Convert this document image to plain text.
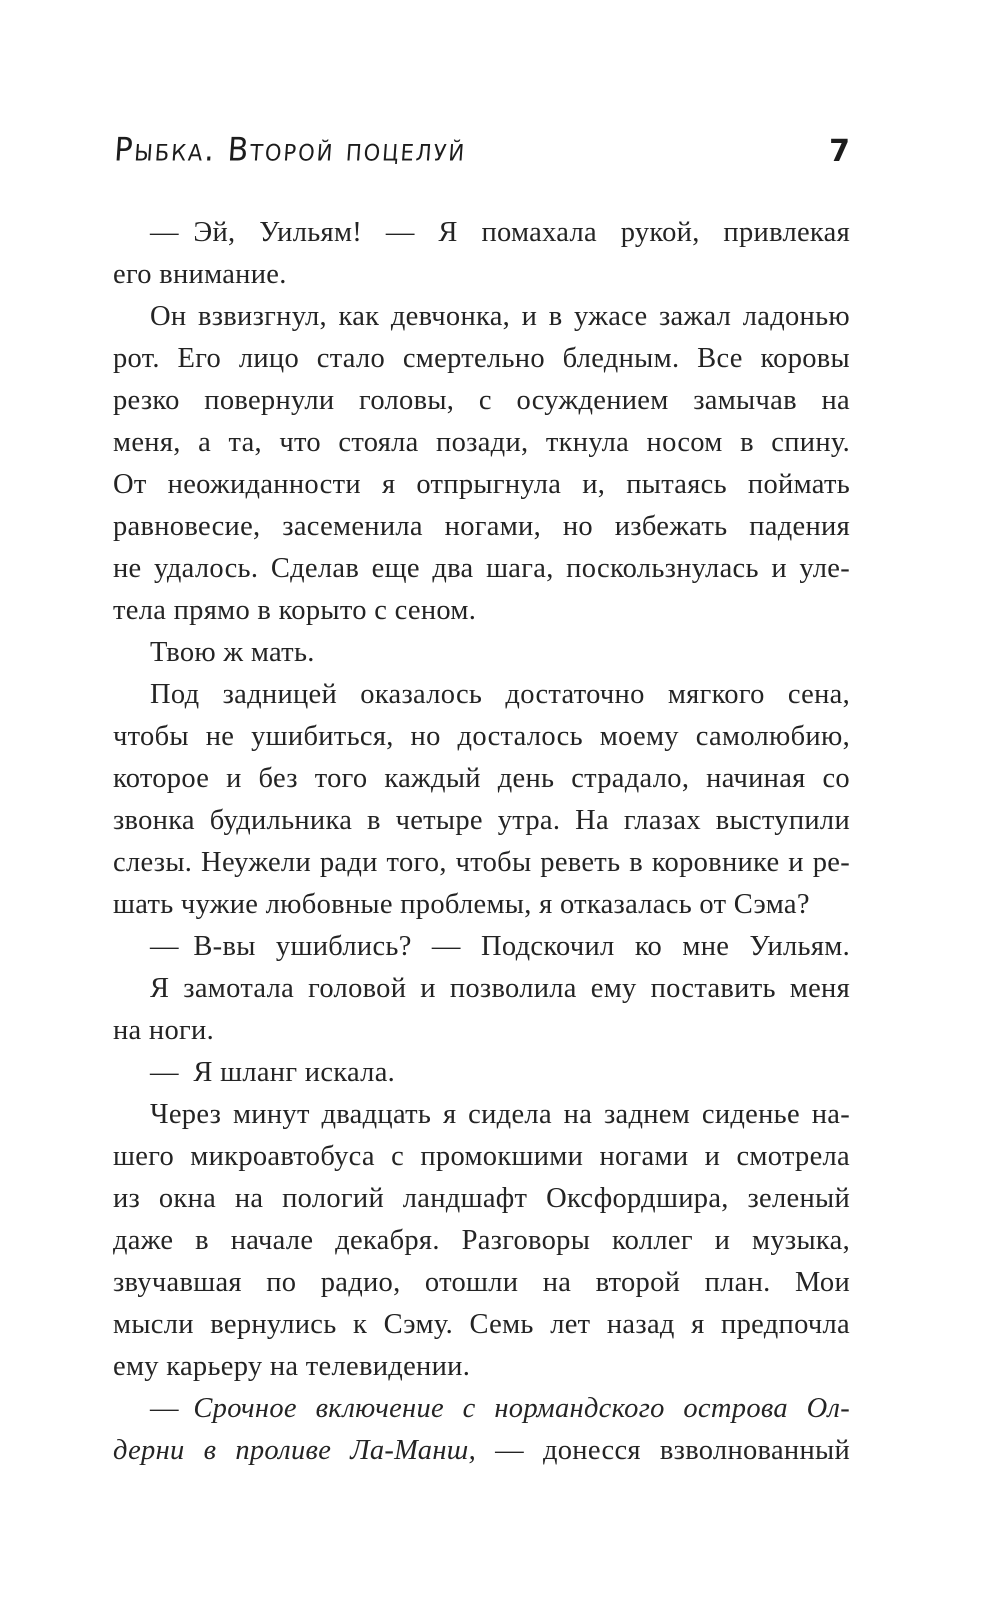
Рыбка. Второй поцелуй	7
— Эй, Уильям! — Я помахала рукой, привлекая
его внимание.
Он взвизгнул, как девчонка, и в ужасе зажал ладонью
рот. Его лицо стало смертельно бледным. Все коровы
резко повернули головы, с осуждением замычав на
меня, а та, что стояла позади, ткнула носом в спину.
От неожиданности я отпрыгнула и, пытаясь поймать
равновесие, засеменила ногами, но избежать падения
не удалось. Сделав еще два шага, поскользнулась и уле-
тела прямо в корыто с сеном.
Твою ж мать.
Под задницей оказалось достаточно мягкого сена,
чтобы не ушибиться, но досталось моему самолюбию,
которое и без того каждый день страдало, начиная со
звонка будильника в четыре утра. На глазах выступили
слезы. Неужели ради того, чтобы реветь в коровнике и ре-
шать чужие любовные проблемы, я отказалась от Сэма?
— В-вы ушиблись? — Подскочил ко мне Уильям.
Я замотала головой и позволила ему поставить меня
на ноги.
— Я шланг искала.
Через минут двадцать я сидела на заднем сиденье на-
шего микроавтобуса с промокшими ногами и смотрела
из окна на пологий ландшафт Оксфордшира, зеленый
даже в начале декабря. Разговоры коллег и музыка,
звучавшая по радио, отошли на второй план. Мои
мысли вернулись к Сэму. Семь лет назад я предпочла
ему карьеру на телевидении.
— Срочное включение с нормандского острова Ол-
дерни в проливе Ла-Манш, — донесся взволнованный
